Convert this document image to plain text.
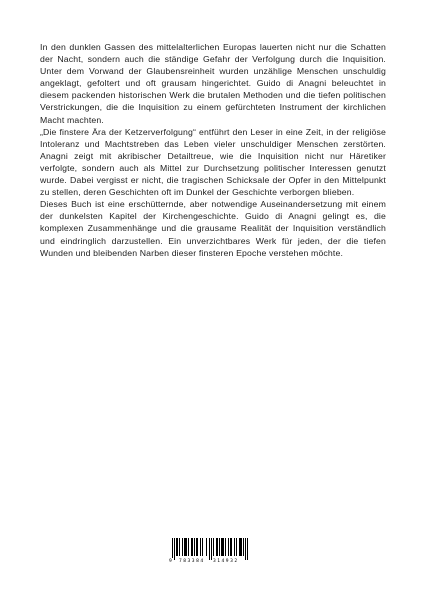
In den dunklen Gassen des mittelalterlichen Europas lauerten nicht nur die Schatten der Nacht, sondern auch die ständige Gefahr der Verfolgung durch die Inquisition. Unter dem Vorwand der Glaubensreinheit wurden unzählige Menschen unschuldig angeklagt, gefoltert und oft grausam hingerichtet. Guido di Anagni beleuchtet in diesem packenden historischen Werk die brutalen Methoden und die tiefen politischen Verstrickungen, die die Inquisition zu einem gefürchteten Instrument der kirchlichen Macht machten.

„Die finstere Ära der Ketzerverfolgung“ entführt den Leser in eine Zeit, in der religiöse Intoleranz und Machtstreben das Leben vieler unschuldiger Menschen zerstörten. Anagni zeigt mit akribischer Detailtreue, wie die Inquisition nicht nur Häretiker verfolgte, sondern auch als Mittel zur Durchsetzung politischer Interessen genutzt wurde. Dabei vergisst er nicht, die tragischen Schicksale der Opfer in den Mittelpunkt zu stellen, deren Geschichten oft im Dunkel der Geschichte verborgen blieben.

Dieses Buch ist eine erschütternde, aber notwendige Auseinandersetzung mit einem der dunkelsten Kapitel der Kirchengeschichte. Guido di Anagni gelingt es, die komplexen Zusammenhänge und die grausame Realität der Inquisition verständlich und eindringlich darzustellen. Ein unverzichtbares Werk für jeden, der die tiefen Wunden und bleibenden Narben dieser finsteren Epoche verstehen möchte.

9 783384 314932
